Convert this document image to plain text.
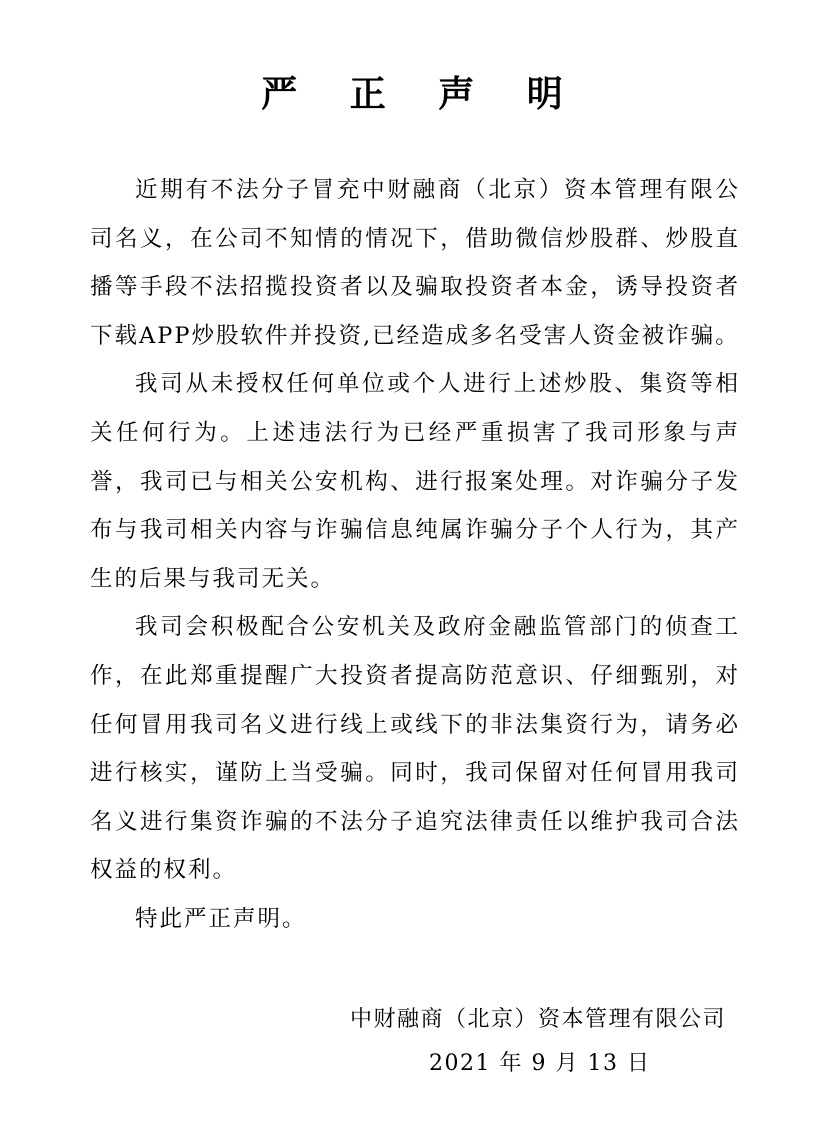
严 正 声 明

近期有不法分子冒充中财融商（北京）资本管理有限公司名义，在公司不知情的情况下，借助微信炒股群、炒股直播等手段不法招揽投资者以及骗取投资者本金，诱导投资者下载APP炒股软件并投资,已经造成多名受害人资金被诈骗。

我司从未授权任何单位或个人进行上述炒股、集资等相关任何行为。上述违法行为已经严重损害了我司形象与声誉，我司已与相关公安机构、进行报案处理。对诈骗分子发布与我司相关内容与诈骗信息纯属诈骗分子个人行为，其产生的后果与我司无关。

我司会积极配合公安机关及政府金融监管部门的侦查工作，在此郑重提醒广大投资者提高防范意识、仔细甄别，对任何冒用我司名义进行线上或线下的非法集资行为，请务必进行核实，谨防上当受骗。同时，我司保留对任何冒用我司名义进行集资诈骗的不法分子追究法律责任以维护我司合法权益的权利。

特此严正声明。

中财融商（北京）资本管理有限公司
2021 年 9 月 13 日
